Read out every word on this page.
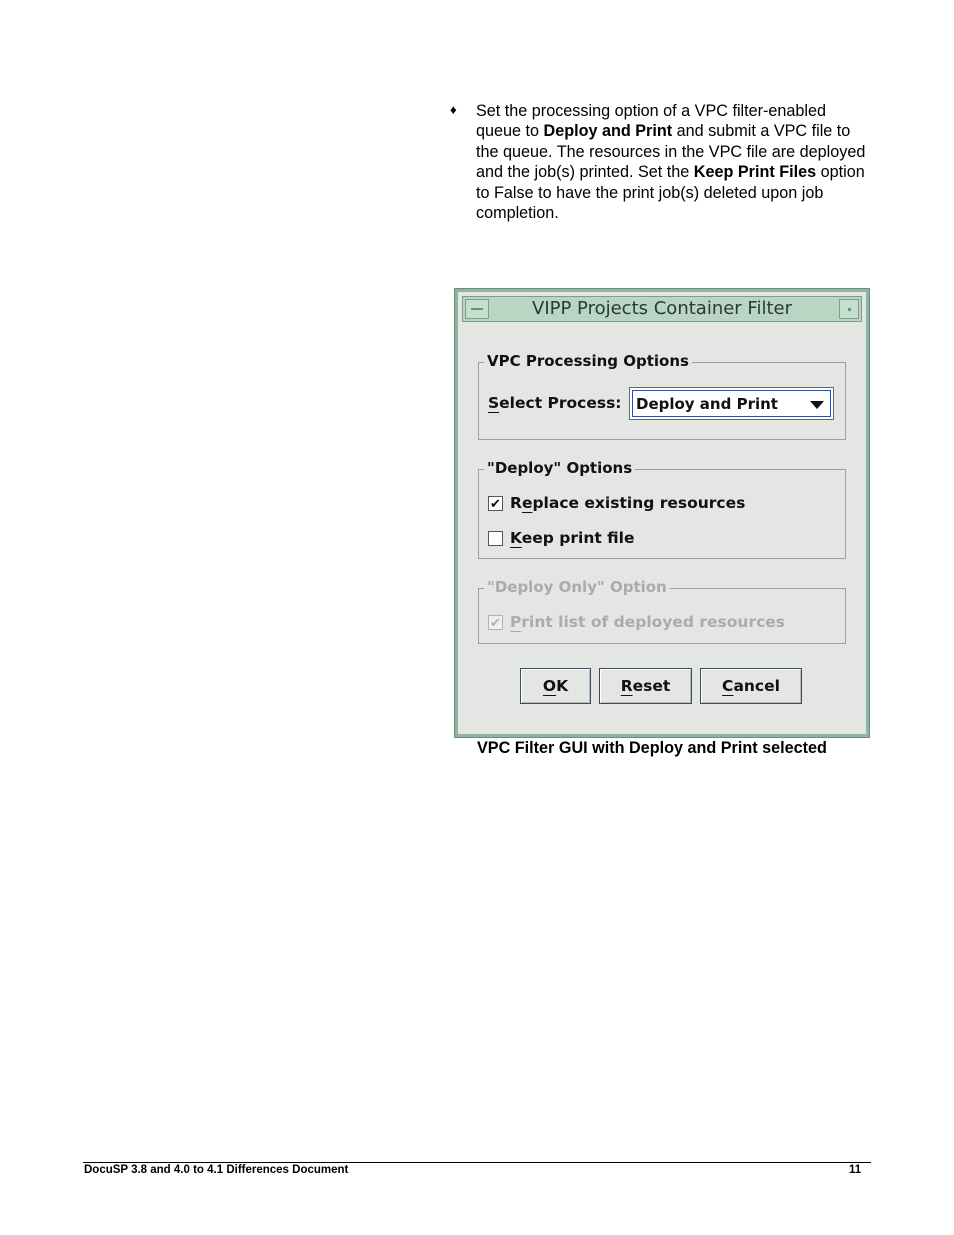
♦ Set the processing option of a VPC filter-enabled queue to Deploy and Print and submit a VPC file to the queue. The resources in the VPC file are deployed and the job(s) printed. Set the Keep Print Files option to False to have the print job(s) deleted upon job completion.
VIPP Projects Container Filter
VPC Processing Options
Select Process: Deploy and Print
"Deploy" Options
✔ Replace existing resources
Keep print file
"Deploy Only" Option
✔ Print list of deployed resources
OK	Reset	Cancel
VPC Filter GUI with Deploy and Print selected
DocuSP 3.8 and 4.0 to 4.1 Differences Document	11
